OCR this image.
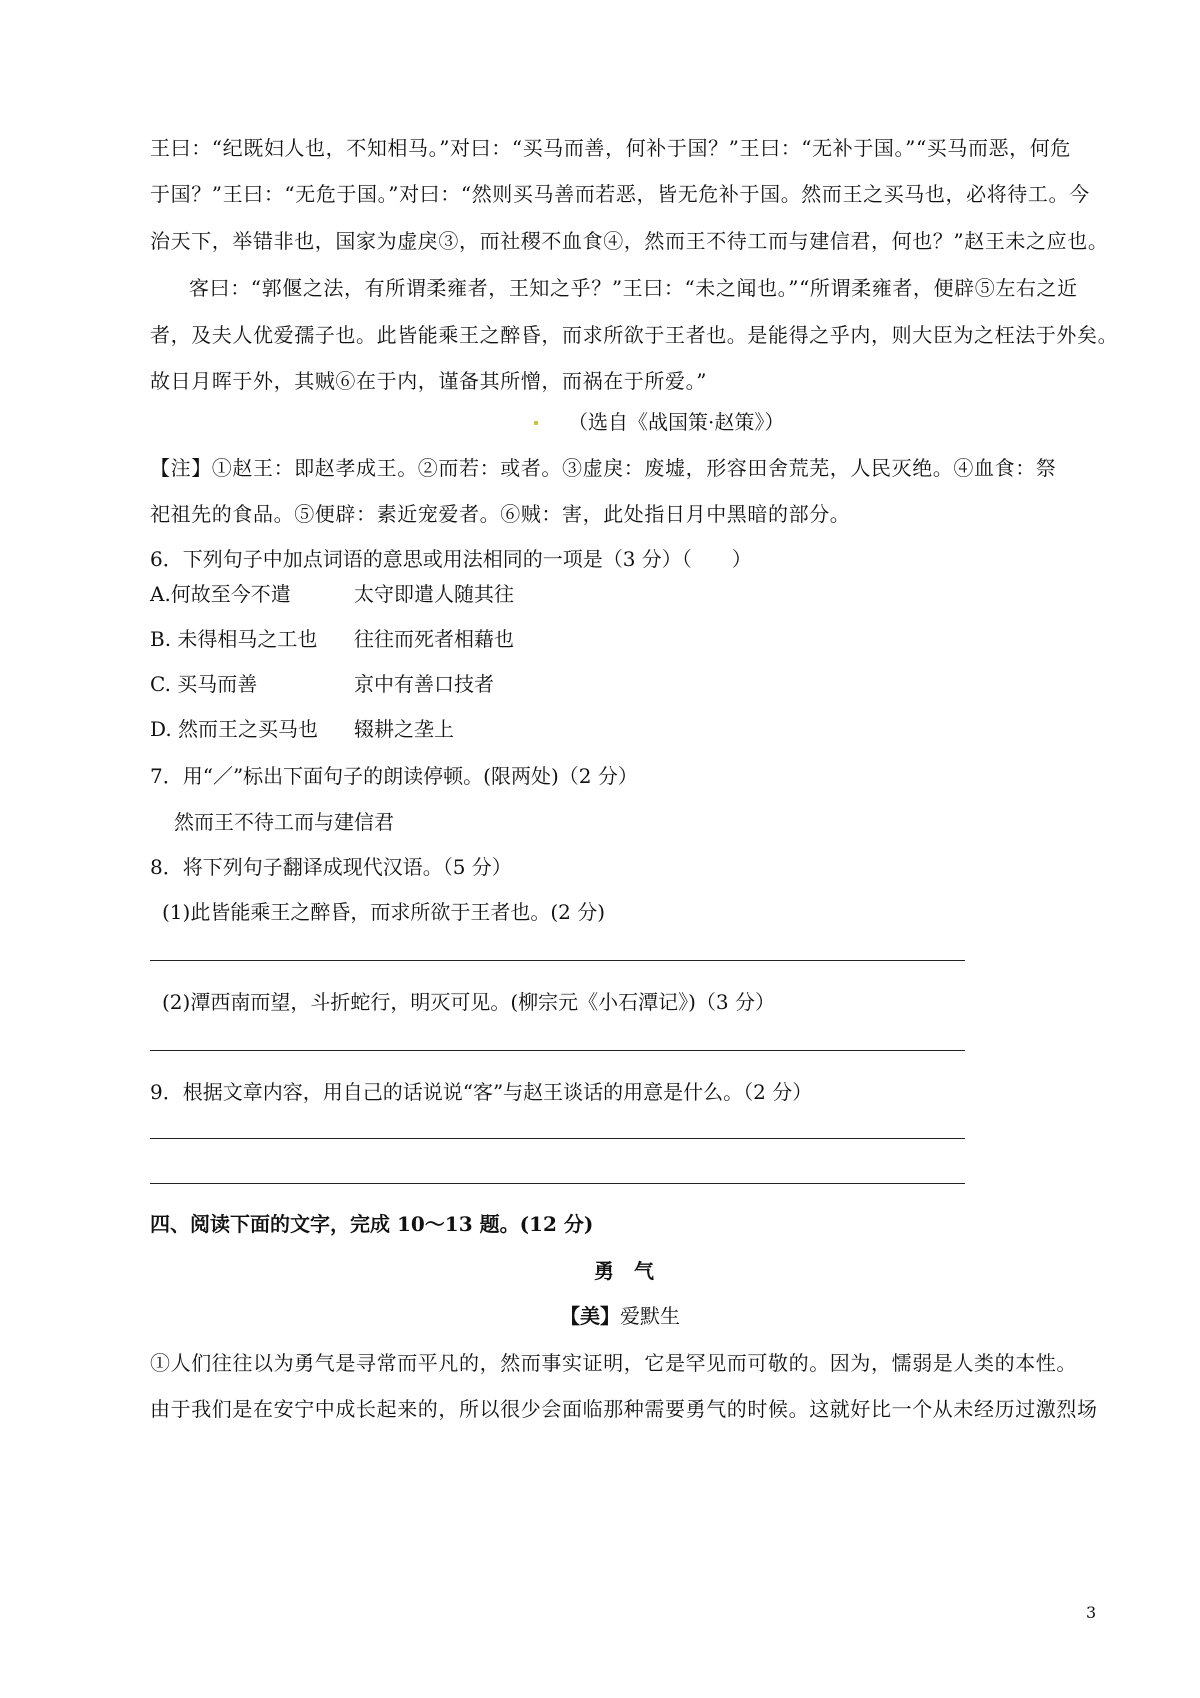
王曰：“纪既妇人也，不知相马。”对曰：“买马而善，何补于国？”王曰：“无补于国。”“买马而恶，何危
于国？”王曰：“无危于国。”对曰：“然则买马善而若恶，皆无危补于国。然而王之买马也，必将待工。今
治天下，举错非也，国家为虚戾③，而社稷不血食④，然而王不待工而与建信君，何也？”赵王未之应也。
客曰：“郭偃之法，有所谓柔雍者，王知之乎？”王曰：“未之闻也。”“所谓柔雍者，便辟⑤左右之近
者，及夫人优爱孺子也。此皆能乘王之醉昏，而求所欲于王者也。是能得之乎内，则大臣为之枉法于外矣。
故日月晖于外，其贼⑥在于内，谨备其所憎，而祸在于所爱。”
（选自《战国策·赵策》）
【注】①赵王：即赵孝成王。②而若：或者。③虚戾：废墟，形容田舍荒芜，人民灭绝。④血食：祭
祀祖先的食品。⑤便辟：素近宠爱者。⑥贼：害，此处指日月中黑暗的部分。
6．下列句子中加点词语的意思或用法相同的一项是（3 分）（　　）
A.何故至今不遣	太守即遣人随其往
B. 未得相马之工也 往往而死者相藉也
C. 买马而善	京中有善口技者
D. 然而王之买马也 辍耕之垄上
7．用“／”标出下面句子的朗读停顿。(限两处)（2 分）
然而王不待工而与建信君
8．将下列句子翻译成现代汉语。（5 分）
(1)此皆能乘王之醉昏，而求所欲于王者也。(2 分)
(2)潭西南而望，斗折蛇行，明灭可见。(柳宗元《小石潭记》)（3 分）
9．根据文章内容，用自己的话说说“客”与赵王谈话的用意是什么。（2 分）
四、阅读下面的文字，完成 10～13 题。(12 分)
勇　气
【美】爱默生
①人们往往以为勇气是寻常而平凡的，然而事实证明，它是罕见而可敬的。因为，懦弱是人类的本性。
由于我们是在安宁中成长起来的，所以很少会面临那种需要勇气的时候。这就好比一个从未经历过激烈场
3
